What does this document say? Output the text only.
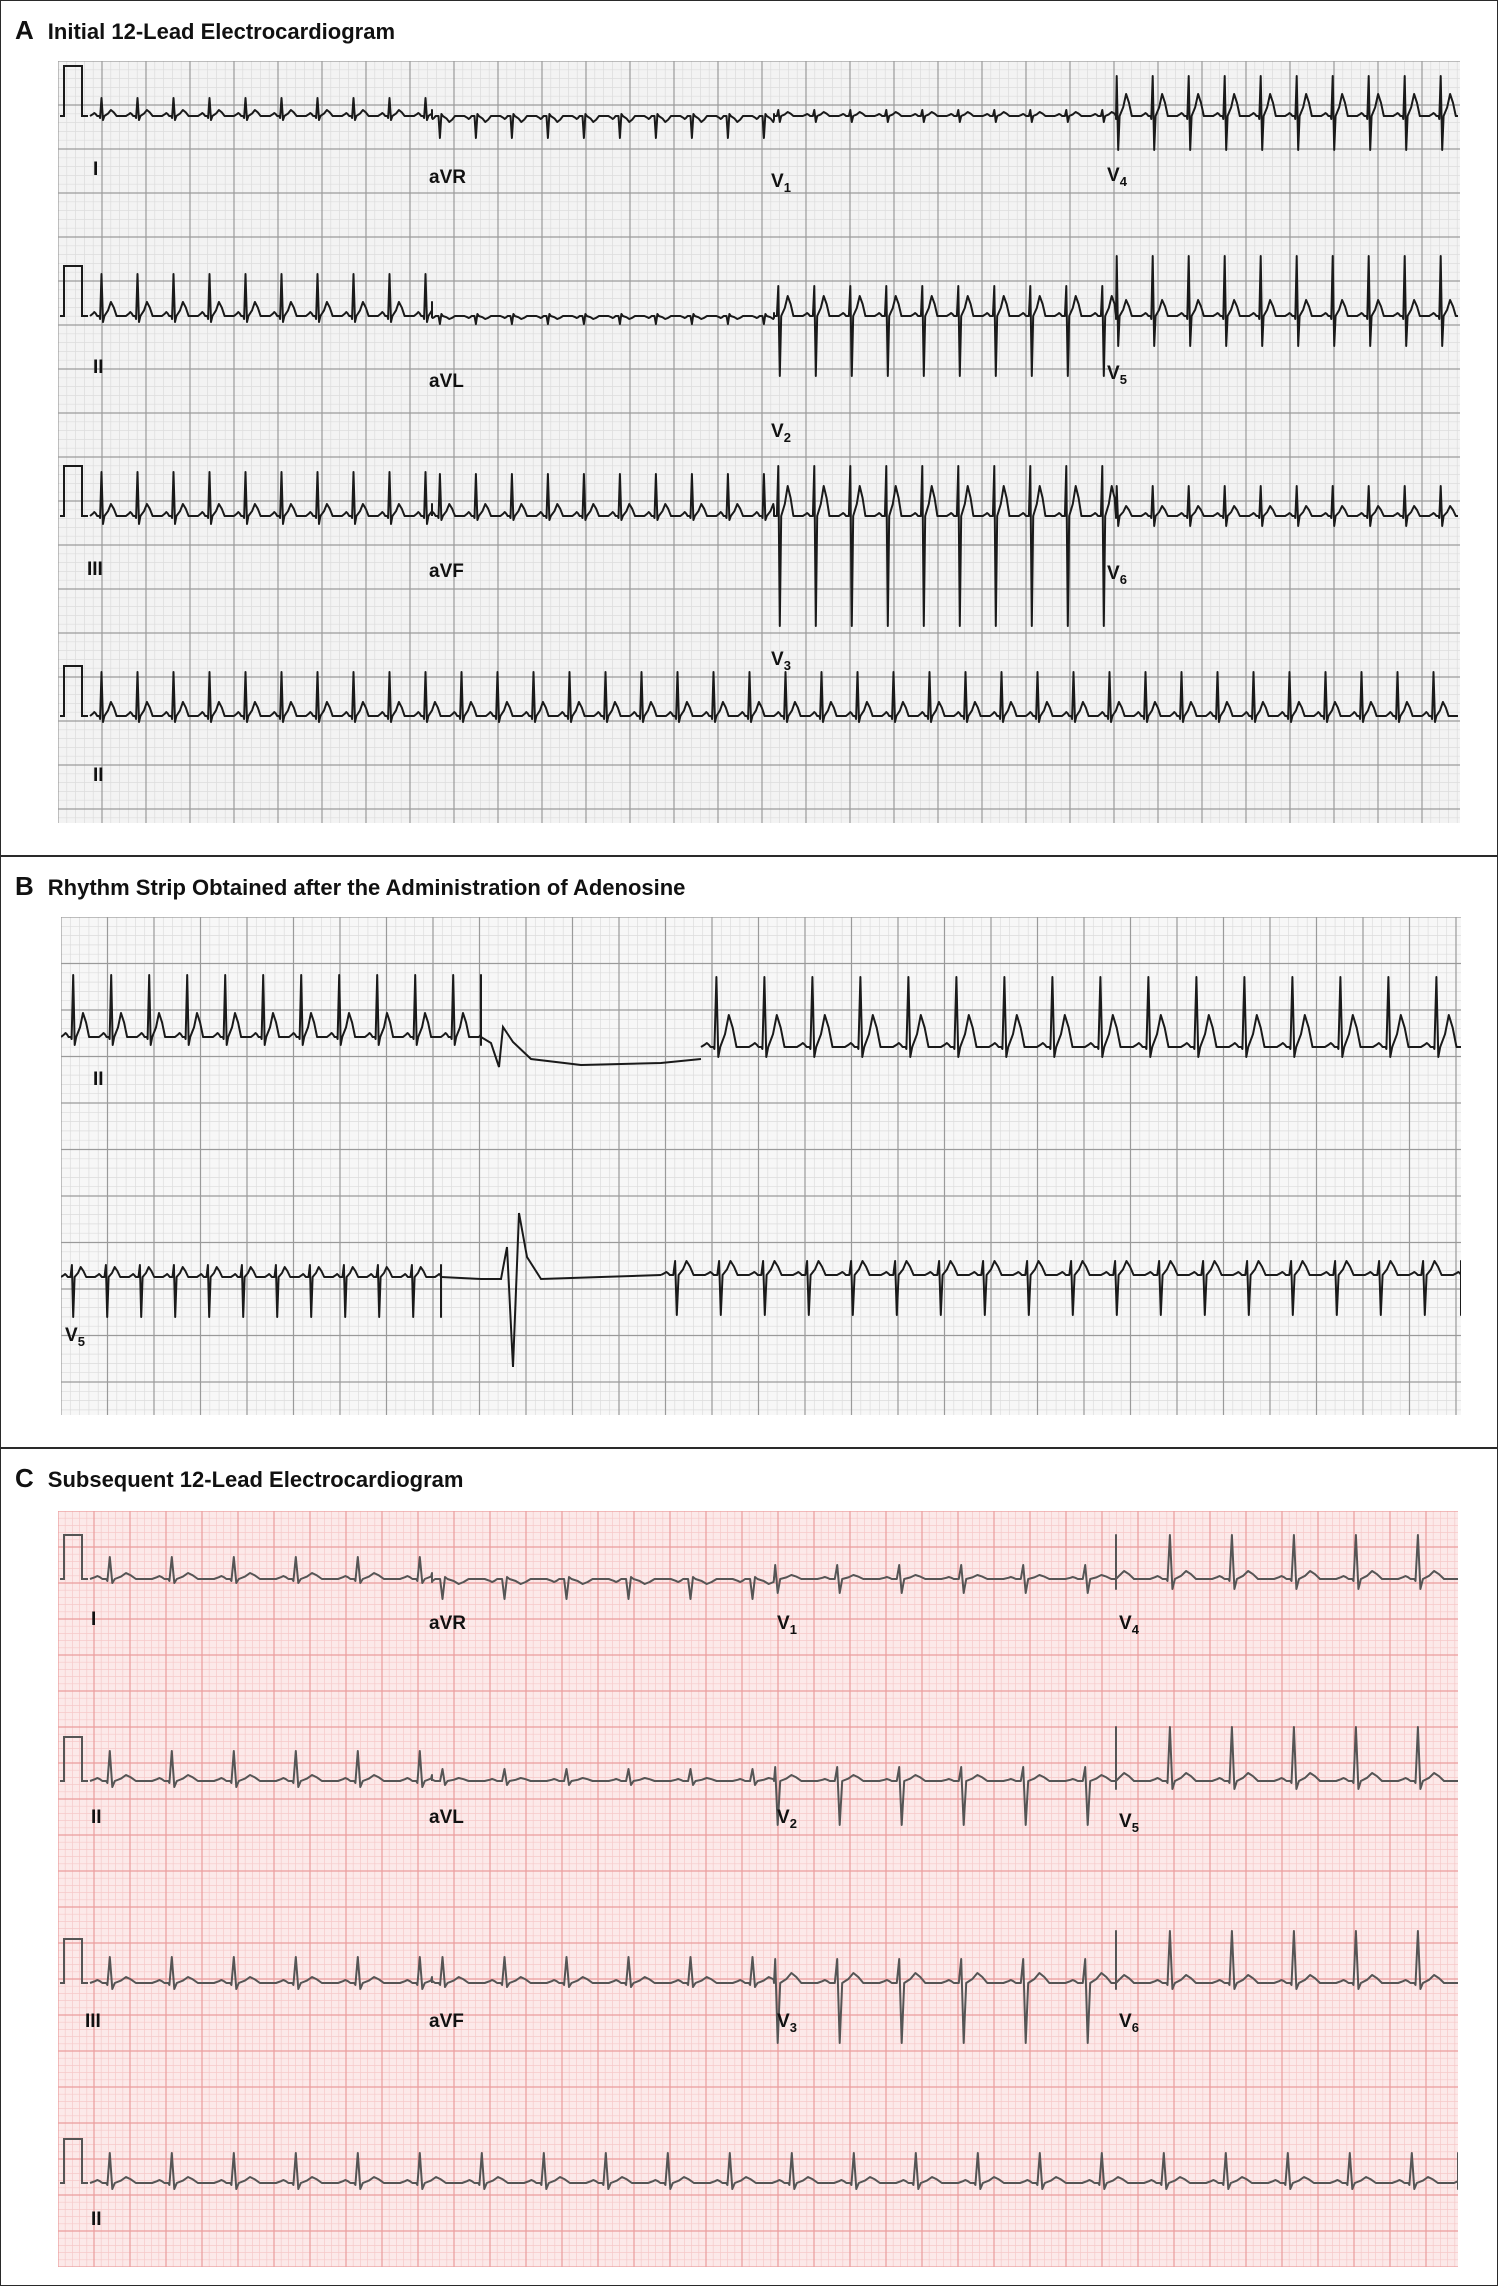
A Initial 12-Lead Electrocardiogram
I	aVR	$V_1$
$V_4$
II
aVL
$V_2$
$V_5$
III	aVF
$V_3$
$V_6$
II
B Rhythm Strip Obtained after the Administration of Adenosine
II
$V_5$
C Subsequent 12-Lead Electrocardiogram
I	aVR	$V_1$	$V_4$
II	aVL	$V_2$	$V_5$
III	aVF	$V_3$	$V_6$
II
